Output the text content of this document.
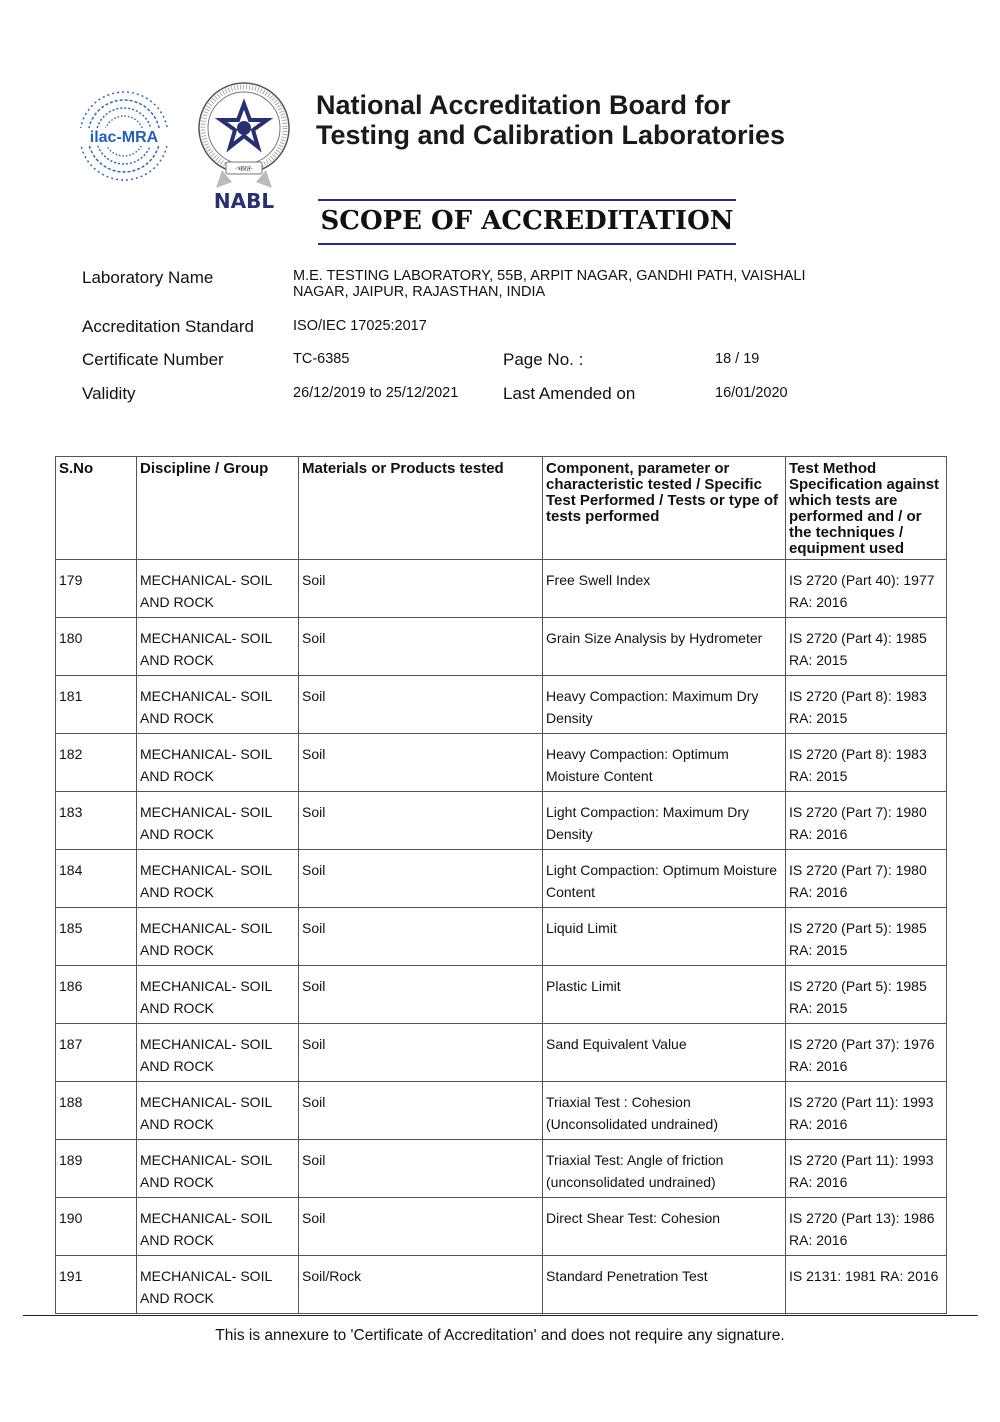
ilac-MRA
·भारत·
NABL
National Accreditation Board for
Testing and Calibration Laboratories
SCOPE OF ACCREDITATION
Laboratory Name	M.E. TESTING LABORATORY, 55B, ARPIT NAGAR, GANDHI PATH, VAISHALI
NAGAR, JAIPUR, RAJASTHAN, INDIA
Accreditation Standard	ISO/IEC 17025:2017
Certificate Number	TC-6385	Page No. :	18 / 19
Validity	26/12/2019 to 25/12/2021	Last Amended on	16/01/2020
S.No	Discipline / Group	Materials or Products tested	Component, parameter or characteristic tested / Specific Test Performed / Tests or type of tests performed	Test Method Specification against which tests are performed and / or the techniques / equipment used
179	MECHANICAL- SOIL AND ROCK	Soil	Free Swell Index	IS 2720 (Part 40): 1977 RA: 2016
180	MECHANICAL- SOIL AND ROCK	Soil	Grain Size Analysis by Hydrometer	IS 2720 (Part 4): 1985 RA: 2015
181	MECHANICAL- SOIL AND ROCK	Soil	Heavy Compaction: Maximum Dry Density	IS 2720 (Part 8): 1983 RA: 2015
182	MECHANICAL- SOIL AND ROCK	Soil	Heavy Compaction: Optimum Moisture Content	IS 2720 (Part 8): 1983 RA: 2015
183	MECHANICAL- SOIL AND ROCK	Soil	Light Compaction: Maximum Dry Density	IS 2720 (Part 7): 1980 RA: 2016
184	MECHANICAL- SOIL AND ROCK	Soil	Light Compaction: Optimum Moisture Content	IS 2720 (Part 7): 1980 RA: 2016
185	MECHANICAL- SOIL AND ROCK	Soil	Liquid Limit	IS 2720 (Part 5): 1985 RA: 2015
186	MECHANICAL- SOIL AND ROCK	Soil	Plastic Limit	IS 2720 (Part 5): 1985 RA: 2015
187	MECHANICAL- SOIL AND ROCK	Soil	Sand Equivalent Value	IS 2720 (Part 37): 1976 RA: 2016
188	MECHANICAL- SOIL AND ROCK	Soil	Triaxial Test : Cohesion (Unconsolidated undrained)	IS 2720 (Part 11): 1993 RA: 2016
189	MECHANICAL- SOIL AND ROCK	Soil	Triaxial Test: Angle of friction (unconsolidated undrained)	IS 2720 (Part 11): 1993 RA: 2016
190	MECHANICAL- SOIL AND ROCK	Soil	Direct Shear Test: Cohesion	IS 2720 (Part 13): 1986 RA: 2016
191	MECHANICAL- SOIL AND ROCK	Soil/Rock	Standard Penetration Test	IS 2131: 1981 RA: 2016
This is annexure to 'Certificate of Accreditation' and does not require any signature.
